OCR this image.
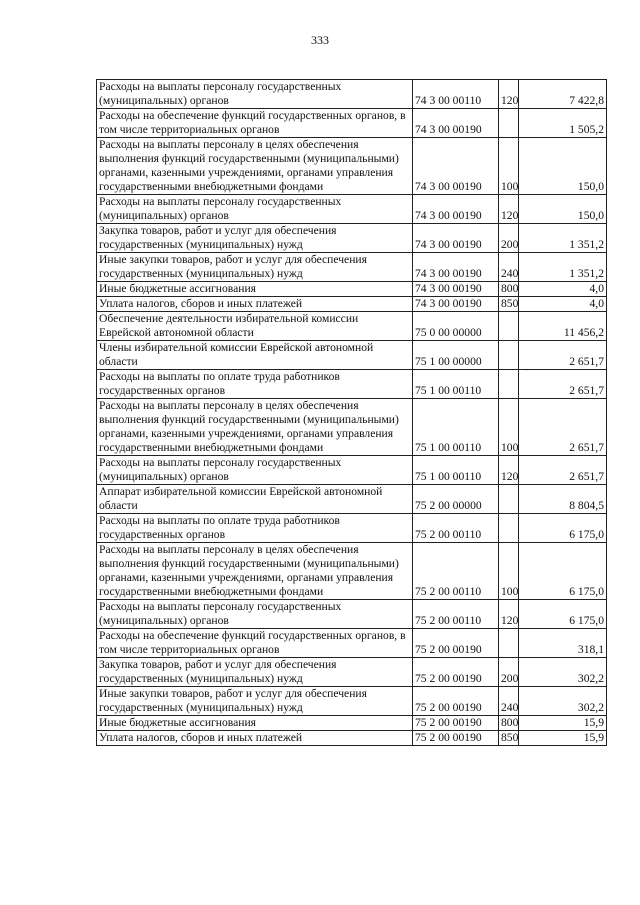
333
Расходы на выплаты персоналу государственных (муниципальных) органов	74 3 00 00110	120	7 422,8
Расходы на обеспечение функций государственных органов, в том числе территориальных органов	74 3 00 00190		1 505,2
Расходы на выплаты персоналу в целях обеспечения выполнения функций государственными (муниципальными) органами, казенными учреждениями, органами управления государственными внебюджетными фондами	74 3 00 00190	100	150,0
Расходы на выплаты персоналу государственных (муниципальных) органов	74 3 00 00190	120	150,0
Закупка товаров, работ и услуг для обеспечения государственных (муниципальных) нужд	74 3 00 00190	200	1 351,2
Иные закупки товаров, работ и услуг для обеспечения государственных (муниципальных) нужд	74 3 00 00190	240	1 351,2
Иные бюджетные ассигнования	74 3 00 00190	800	4,0
Уплата налогов, сборов и иных платежей	74 3 00 00190	850	4,0
Обеспечение деятельности избирательной комиссии Еврейской автономной области	75 0 00 00000		11 456,2
Члены избирательной комиссии Еврейской автономной области	75 1 00 00000		2 651,7
Расходы на выплаты по оплате труда работников государственных органов	75 1 00 00110		2 651,7
Расходы на выплаты персоналу в целях обеспечения выполнения функций государственными (муниципальными) органами, казенными учреждениями, органами управления государственными внебюджетными фондами	75 1 00 00110	100	2 651,7
Расходы на выплаты персоналу государственных (муниципальных) органов	75 1 00 00110	120	2 651,7
Аппарат избирательной комиссии Еврейской автономной области	75 2 00 00000		8 804,5
Расходы на выплаты по оплате труда работников государственных органов	75 2 00 00110		6 175,0
Расходы на выплаты персоналу в целях обеспечения выполнения функций государственными (муниципальными) органами, казенными учреждениями, органами управления государственными внебюджетными фондами	75 2 00 00110	100	6 175,0
Расходы на выплаты персоналу государственных (муниципальных) органов	75 2 00 00110	120	6 175,0
Расходы на обеспечение функций государственных органов, в том числе территориальных органов	75 2 00 00190		318,1
Закупка товаров, работ и услуг для обеспечения государственных (муниципальных) нужд	75 2 00 00190	200	302,2
Иные закупки товаров, работ и услуг для обеспечения государственных (муниципальных) нужд	75 2 00 00190	240	302,2
Иные бюджетные ассигнования	75 2 00 00190	800	15,9
Уплата налогов, сборов и иных платежей	75 2 00 00190	850	15,9
`
